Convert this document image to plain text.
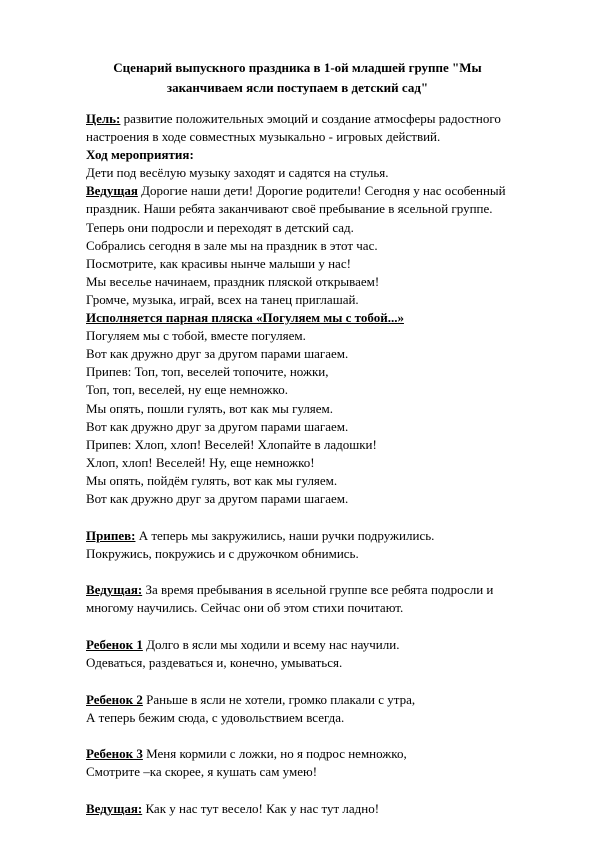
Сценарий выпускного праздника в 1-ой младшей группе "Мы
заканчиваем ясли поступаем в детский сад"
Цель: развитие положительных эмоций и создание атмосферы радостного
настроения в ходе совместных музыкально - игровых действий.
Ход мероприятия:
Дети под весёлую музыку заходят и садятся на стулья.
Ведущая Дорогие наши дети! Дорогие родители! Сегодня у нас особенный
праздник. Наши ребята заканчивают своё пребывание в ясельной группе.
Теперь они подросли и переходят в детский сад.
Собрались сегодня в зале мы на праздник в этот час.
Посмотрите, как красивы нынче малыши у нас!
Мы веселье начинаем, праздник пляской открываем!
Громче, музыка, играй, всех на танец приглашай.
Исполняется парная пляска «Погуляем мы с тобой...»
Погуляем мы с тобой, вместе погуляем.
Вот как дружно друг за другом парами шагаем.
Припев: Топ, топ, веселей топочите, ножки,
Топ, топ, веселей, ну еще немножко.
Мы опять, пошли гулять, вот как мы гуляем.
Вот как дружно друг за другом парами шагаем.
Припев: Хлоп, хлоп! Веселей! Хлопайте в ладошки!
Хлоп, хлоп! Веселей! Ну, еще немножко!
Мы опять, пойдём гулять, вот как мы гуляем.
Вот как дружно друг за другом парами шагаем.
Припев: А теперь мы закружились, наши ручки подружились.
Покружись, покружись и с дружочком обнимись.
Ведущая: За время пребывания в ясельной группе все ребята подросли и
многому научились. Сейчас они об этом стихи почитают.
Ребенок 1 Долго в ясли мы ходили и всему нас научили.
Одеваться, раздеваться и, конечно, умываться.
Ребенок 2 Раньше в ясли не хотели, громко плакали с утра,
А теперь бежим сюда, с удовольствием всегда.
Ребенок 3 Меня кормили с ложки, но я подрос немножко,
Смотрите –ка скорее, я кушать сам умею!
Ведущая: Как у нас тут весело! Как у нас тут ладно!
